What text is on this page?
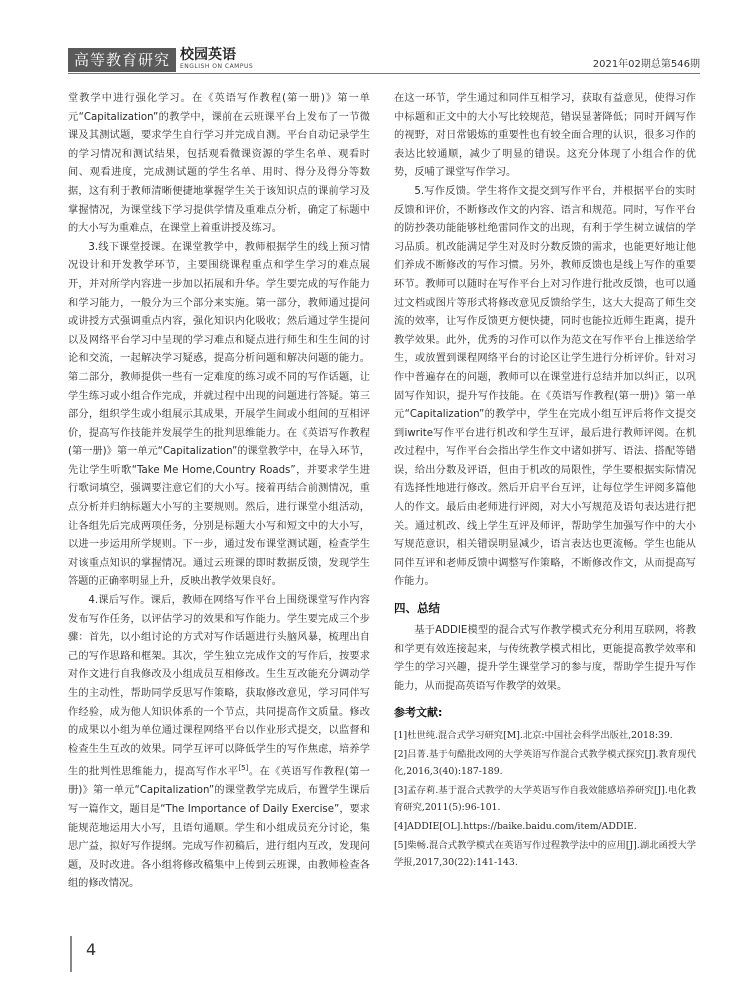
高等教育研究 校园英语
ENGLISH ON CAMPUS	2021年02期总第546期

堂教学中进行强化学习。在《英语写作教程(第一册)》第一单元“Capitalization”的教学中，课前在云班课平台上发布了一节微课及其测试题，要求学生自行学习并完成自测。平台自动记录学生的学习情况和测试结果，包括观看微课资源的学生名单、观看时间、观看进度，完成测试题的学生名单、用时、得分及得分等数据，这有利于教师清晰便捷地掌握学生关于该知识点的课前学习及掌握情况，为课堂线下学习提供学情及重难点分析，确定了标题中的大小写为重难点，在课堂上着重讲授及练习。

3.线下课堂授课。在课堂教学中，教师根据学生的线上预习情况设计和开发教学环节，主要围绕课程重点和学生学习的难点展开，并对所学内容进一步加以拓展和升华。学生要完成的写作能力和学习能力，一般分为三个部分来实施。第一部分，教师通过提问或讲授方式强调重点内容，强化知识内化吸收；然后通过学生提问以及网络平台学习中呈现的学习难点和疑点进行师生和生生间的讨论和交流，一起解决学习疑惑，提高分析问题和解决问题的能力。第二部分，教师提供一些有一定难度的练习或不同的写作话题，让学生练习或小组合作完成，并就过程中出现的问题进行答疑。第三部分，组织学生或小组展示其成果，开展学生间或小组间的互相评价，提高写作技能并发展学生的批判思维能力。在《英语写作教程(第一册)》第一单元“Capitalization”的课堂教学中，在导入环节，先让学生听歌“Take Me Home,Country Roads”，并要求学生进行歌词填空，强调要注意它们的大小写。接着再结合前测情况，重点分析并归纳标题大小写的主要规则。然后，进行课堂小组活动，让各组先后完成两项任务，分别是标题大小写和短文中的大小写，以进一步运用所学规则。下一步，通过发布课堂测试题，检查学生对该重点知识的掌握情况。通过云班课的即时数据反馈，发现学生答题的正确率明显上升，反映出教学效果良好。

4.课后写作。课后，教师在网络写作平台上围绕课堂写作内容发布写作任务，以评估学习的效果和写作能力。学生要完成三个步骤：首先，以小组讨论的方式对写作话题进行头脑风暴，梳理出自己的写作思路和框架。其次，学生独立完成作文的写作后，按要求对作文进行自我修改及小组成员互相修改。生生互改能充分调动学生的主动性，帮助同学反思写作策略，获取修改意见，学习同伴写作经验，成为他人知识体系的一个节点，共同提高作文质量。修改的成果以小组为单位通过课程网络平台以作业形式提交，以监督和检查生生互改的效果。同学互评可以降低学生的写作焦虑，培养学生的批判性思维能力，提高写作水平[5]。在《英语写作教程(第一册)》第一单元“Capitalization”的课堂教学完成后，布置学生课后写一篇作文，题目是“The Importance of Daily Exercise”，要求能规范地运用大小写，且语句通顺。学生和小组成员充分讨论，集思广益，拟好写作提纲。完成写作初稿后，进行组内互改，发现问题，及时改进。各小组将修改稿集中上传到云班课，由教师检查各组的修改情况。

在这一环节，学生通过和同伴互相学习，获取有益意见，使得习作中标题和正文中的大小写比较规范，错误显著降低；同时开阔写作的视野，对日常锻炼的重要性也有较全面合理的认识，很多习作的表达比较通顺，减少了明显的错误。这充分体现了小组合作的优势，反哺了课堂写作学习。

5.写作反馈。学生将作文提交到写作平台，并根据平台的实时反馈和评价，不断修改作文的内容、语言和规范。同时，写作平台的防抄袭功能能够杜绝雷同作文的出现，有利于学生树立诚信的学习品质。机改能满足学生对及时分数反馈的需求，也能更好地让他们养成不断修改的写作习惯。另外，教师反馈也是线上写作的重要环节。教师可以随时在写作平台上对习作进行批改反馈，也可以通过文档或图片等形式将修改意见反馈给学生，这大大提高了师生交流的效率，让写作反馈更方便快捷，同时也能拉近师生距离，提升教学效果。此外，优秀的习作可以作为范文在写作平台上推送给学生，或放置到课程网络平台的讨论区让学生进行分析评价。针对习作中普遍存在的问题，教师可以在课堂进行总结并加以纠正，以巩固写作知识，提升写作技能。在《英语写作教程(第一册)》第一单元“Capitalization”的教学中，学生在完成小组互评后将作文提交到iwrite写作平台进行机改和学生互评，最后进行教师评阅。在机改过程中，写作平台会指出学生作文中诸如拼写、语法、搭配等错误，给出分数及评语，但由于机改的局限性，学生要根据实际情况有选择性地进行修改。然后开启平台互评，让每位学生评阅多篇他人的作文。最后由老师进行评阅，对大小写规范及语句表达进行把关。通过机改、线上学生互评及师评，帮助学生加强写作中的大小写规范意识，相关错误明显减少，语言表达也更流畅。学生也能从同伴互评和老师反馈中调整写作策略，不断修改作文，从而提高写作能力。

四、总结

基于ADDIE模型的混合式写作教学模式充分利用互联网，将教和学更有效连接起来，与传统教学模式相比，更能提高教学效率和学生的学习兴趣，提升学生课堂学习的参与度，帮助学生提升写作能力，从而提高英语写作教学的效果。

参考文献:
[1]杜世纯.混合式学习研究[M].北京:中国社会科学出版社,2018:39.
[2]吕菁.基于句酷批改网的大学英语写作混合式教学模式探究[J].教育现代化,2016,3(40):187-189.
[3]孟存莉.基于混合式教学的大学英语写作自我效能感培养研究[J].电化教育研究,2011(5):96-101.
[4]ADDIE[OL].https://baike.baidu.com/item/ADDIE.
[5]柴畅.混合式教学模式在英语写作过程教学法中的应用[J].湖北函授大学学报,2017,30(22):141-143.
4
